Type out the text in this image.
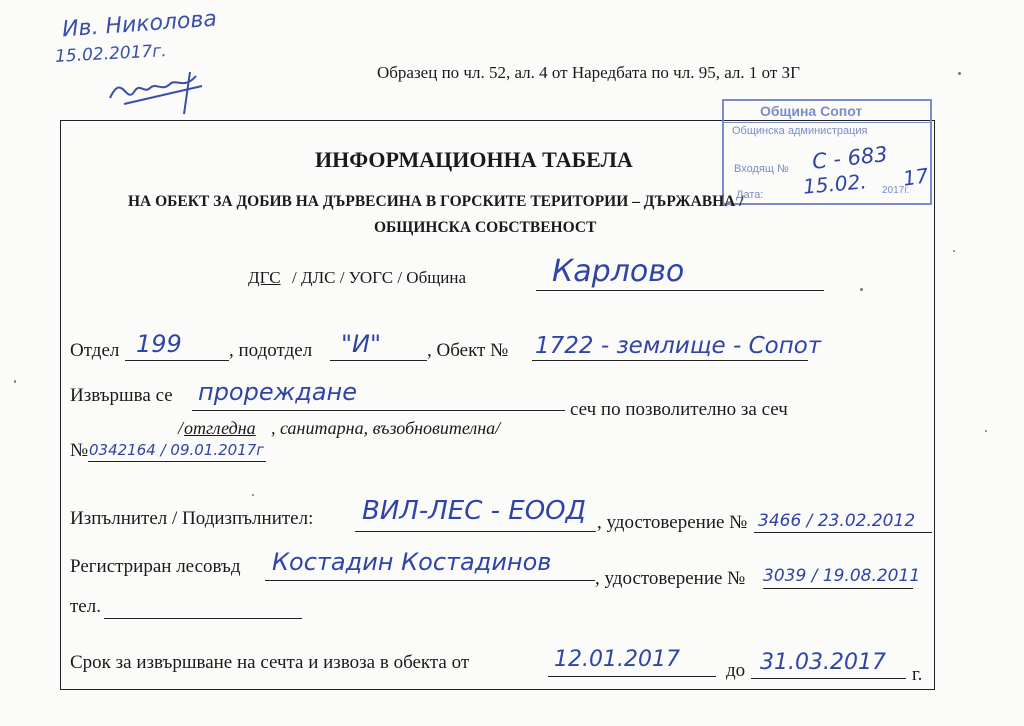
Ив. Николова
15.02.2017г.
Образец по чл. 52, ал. 4 от Наредбата по чл. 95, ал. 1 от ЗГ
Община Сопот
Общинска администрация
Входящ №
Дата:	2017г.
С - 683
15.02. 17
ИНФОРМАЦИОННА ТАБЕЛА
НА ОБЕКТ ЗА ДОБИВ НА ДЪРВЕСИНА В ГОРСКИТЕ ТЕРИТОРИИ – ДЪРЖАВНА /
ОБЩИНСКА СОБСТВЕНОСТ
ДГС / ДЛС / УОГС / Община	Карлово
Отдел 199 , подотдел "И" , Обект № 1722 - землище - Сопот
Извършва се прореждане
сеч по позволително за сеч
/ отгледна , санитарна, възобновителна/
№ 0342164 / 09.01.2017г
Изпълнител / Подизпълнител: ВИЛ-ЛЕС - ЕООД , удостоверение № 3466 / 23.02.2012
Регистриран лесовъд Костадин Костадинов
, удостоверение № 3039 / 19.08.2011
тел.
Срок за извършване на сечта и извоза в обекта от	12.01.2017 до 31.03.2017 г.
